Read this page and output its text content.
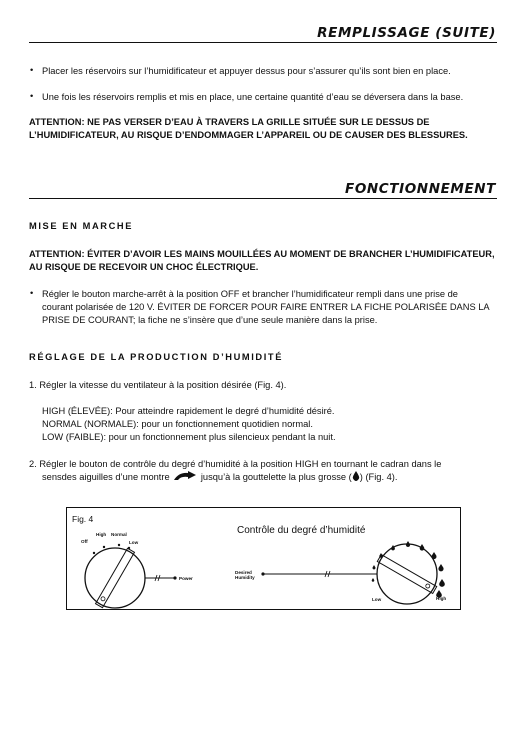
REMPLISSAGE (SUITE)
• Placer les réservoirs sur l’humidificateur et appuyer dessus pour s’assurer qu’ils sont bien en place.
• Une fois les réservoirs remplis et mis en place, une certaine quantité d’eau se déversera dans la base.
ATTENTION: NE PAS VERSER D’EAU À TRAVERS LA GRILLE SITUÉE SUR LE DESSUS DE
L’HUMIDIFICATEUR, AU RISQUE D’ENDOMMAGER L’APPAREIL OU DE CAUSER DES BLESSURES.
FONCTIONNEMENT
MISE EN MARCHE
ATTENTION: ÉVITER D’AVOIR LES MAINS MOUILLÉES AU MOMENT DE BRANCHER L’HUMIDIFICATEUR,
AU RISQUE DE RECEVOIR UN CHOC ÉLECTRIQUE.
• Régler le bouton marche-arrêt à la position OFF et brancher l’humidificateur rempli dans une prise de
courant polarisée de 120 V. ÉVITER DE FORCER POUR FAIRE ENTRER LA FICHE POLARISÉE DANS LA
PRISE DE COURANT; la fiche ne s’insère que d’une seule manière dans la prise.
RÉGLAGE DE LA PRODUCTION D’HUMIDITÉ
1. Régler la vitesse du ventilateur à la position désirée (Fig. 4).
HIGH (ÉLEVÉE): Pour atteindre rapidement le degré d’humidité désiré.
NORMAL (NORMALE): pour un fonctionnement quotidien normal.
LOW (FAIBLE): pour un fonctionnement plus silencieux pendant la nuit.
2. Régler le bouton de contrôle du degré d’humidité à la position HIGH en tournant le cadran dans le
sensdes aiguilles d’une montre	jusqu’à la gouttelette la plus grosse ( ) (Fig. 4).
Fig. 4
Contrôle du degré d’humidité
Off
High Normal
Low
Power
Desired
Humidity
Low	High
